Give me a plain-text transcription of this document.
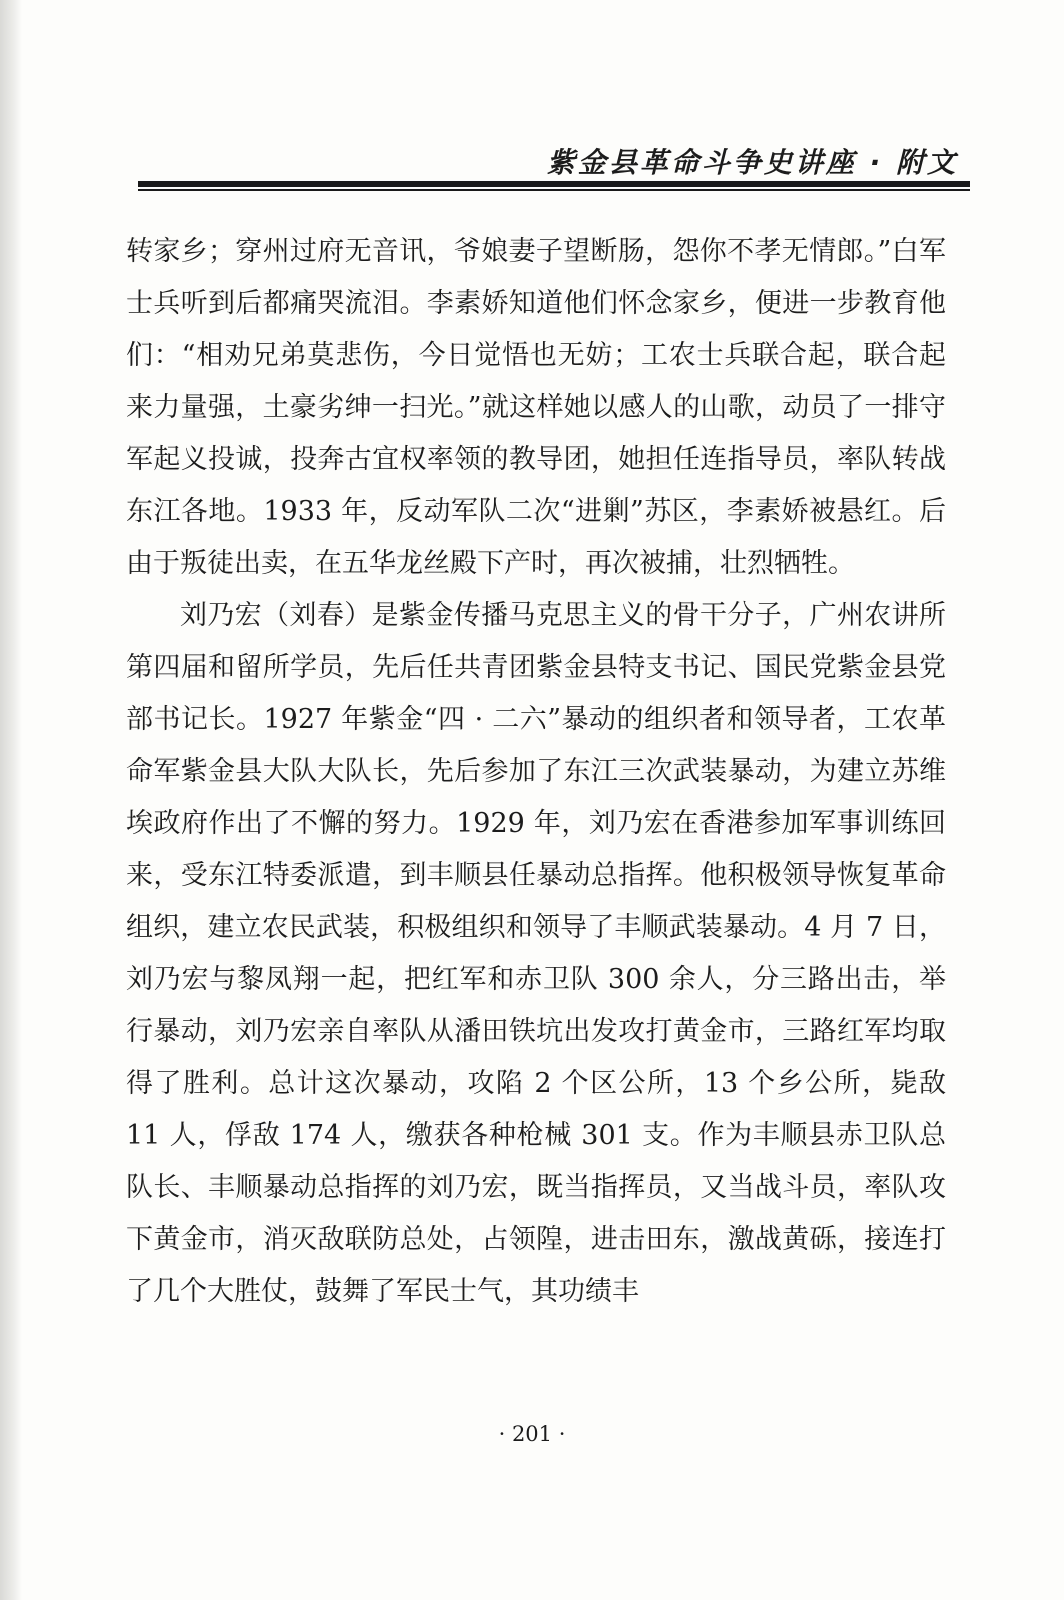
紫金县革命斗争史讲座 · 附文

转家乡；穿州过府无音讯，爷娘妻子望断肠，怨你不孝无情郎。”白军士兵听到后都痛哭流泪。李素娇知道他们怀念家乡，便进一步教育他们：“相劝兄弟莫悲伤，今日觉悟也无妨；工农士兵联合起，联合起来力量强，土豪劣绅一扫光。”就这样她以感人的山歌，动员了一排守军起义投诚，投奔古宜权率领的教导团，她担任连指导员，率队转战东江各地。1933 年，反动军队二次“进剿”苏区，李素娇被悬红。后由于叛徒出卖，在五华龙丝殿下产时，再次被捕，壮烈牺牲。

刘乃宏（刘春）是紫金传播马克思主义的骨干分子，广州农讲所第四届和留所学员，先后任共青团紫金县特支书记、国民党紫金县党部书记长。1927 年紫金“四 · 二六”暴动的组织者和领导者，工农革命军紫金县大队大队长，先后参加了东江三次武装暴动，为建立苏维埃政府作出了不懈的努力。1929 年，刘乃宏在香港参加军事训练回来，受东江特委派遣，到丰顺县任暴动总指挥。他积极领导恢复革命组织，建立农民武装，积极组织和领导了丰顺武装暴动。4 月 7 日，刘乃宏与黎凤翔一起，把红军和赤卫队 300 余人，分三路出击，举行暴动，刘乃宏亲自率队从潘田铁坑出发攻打黄金市，三路红军均取得了胜利。总计这次暴动，攻陷 2 个区公所，13 个乡公所，毙敌 11 人，俘敌 174 人，缴获各种枪械 301 支。作为丰顺县赤卫队总队长、丰顺暴动总指挥的刘乃宏，既当指挥员，又当战斗员，率队攻下黄金市，消灭敌联防总处，占领隍，进击田东，激战黄砾，接连打了几个大胜仗，鼓舞了军民士气，其功绩丰

· 201 ·
